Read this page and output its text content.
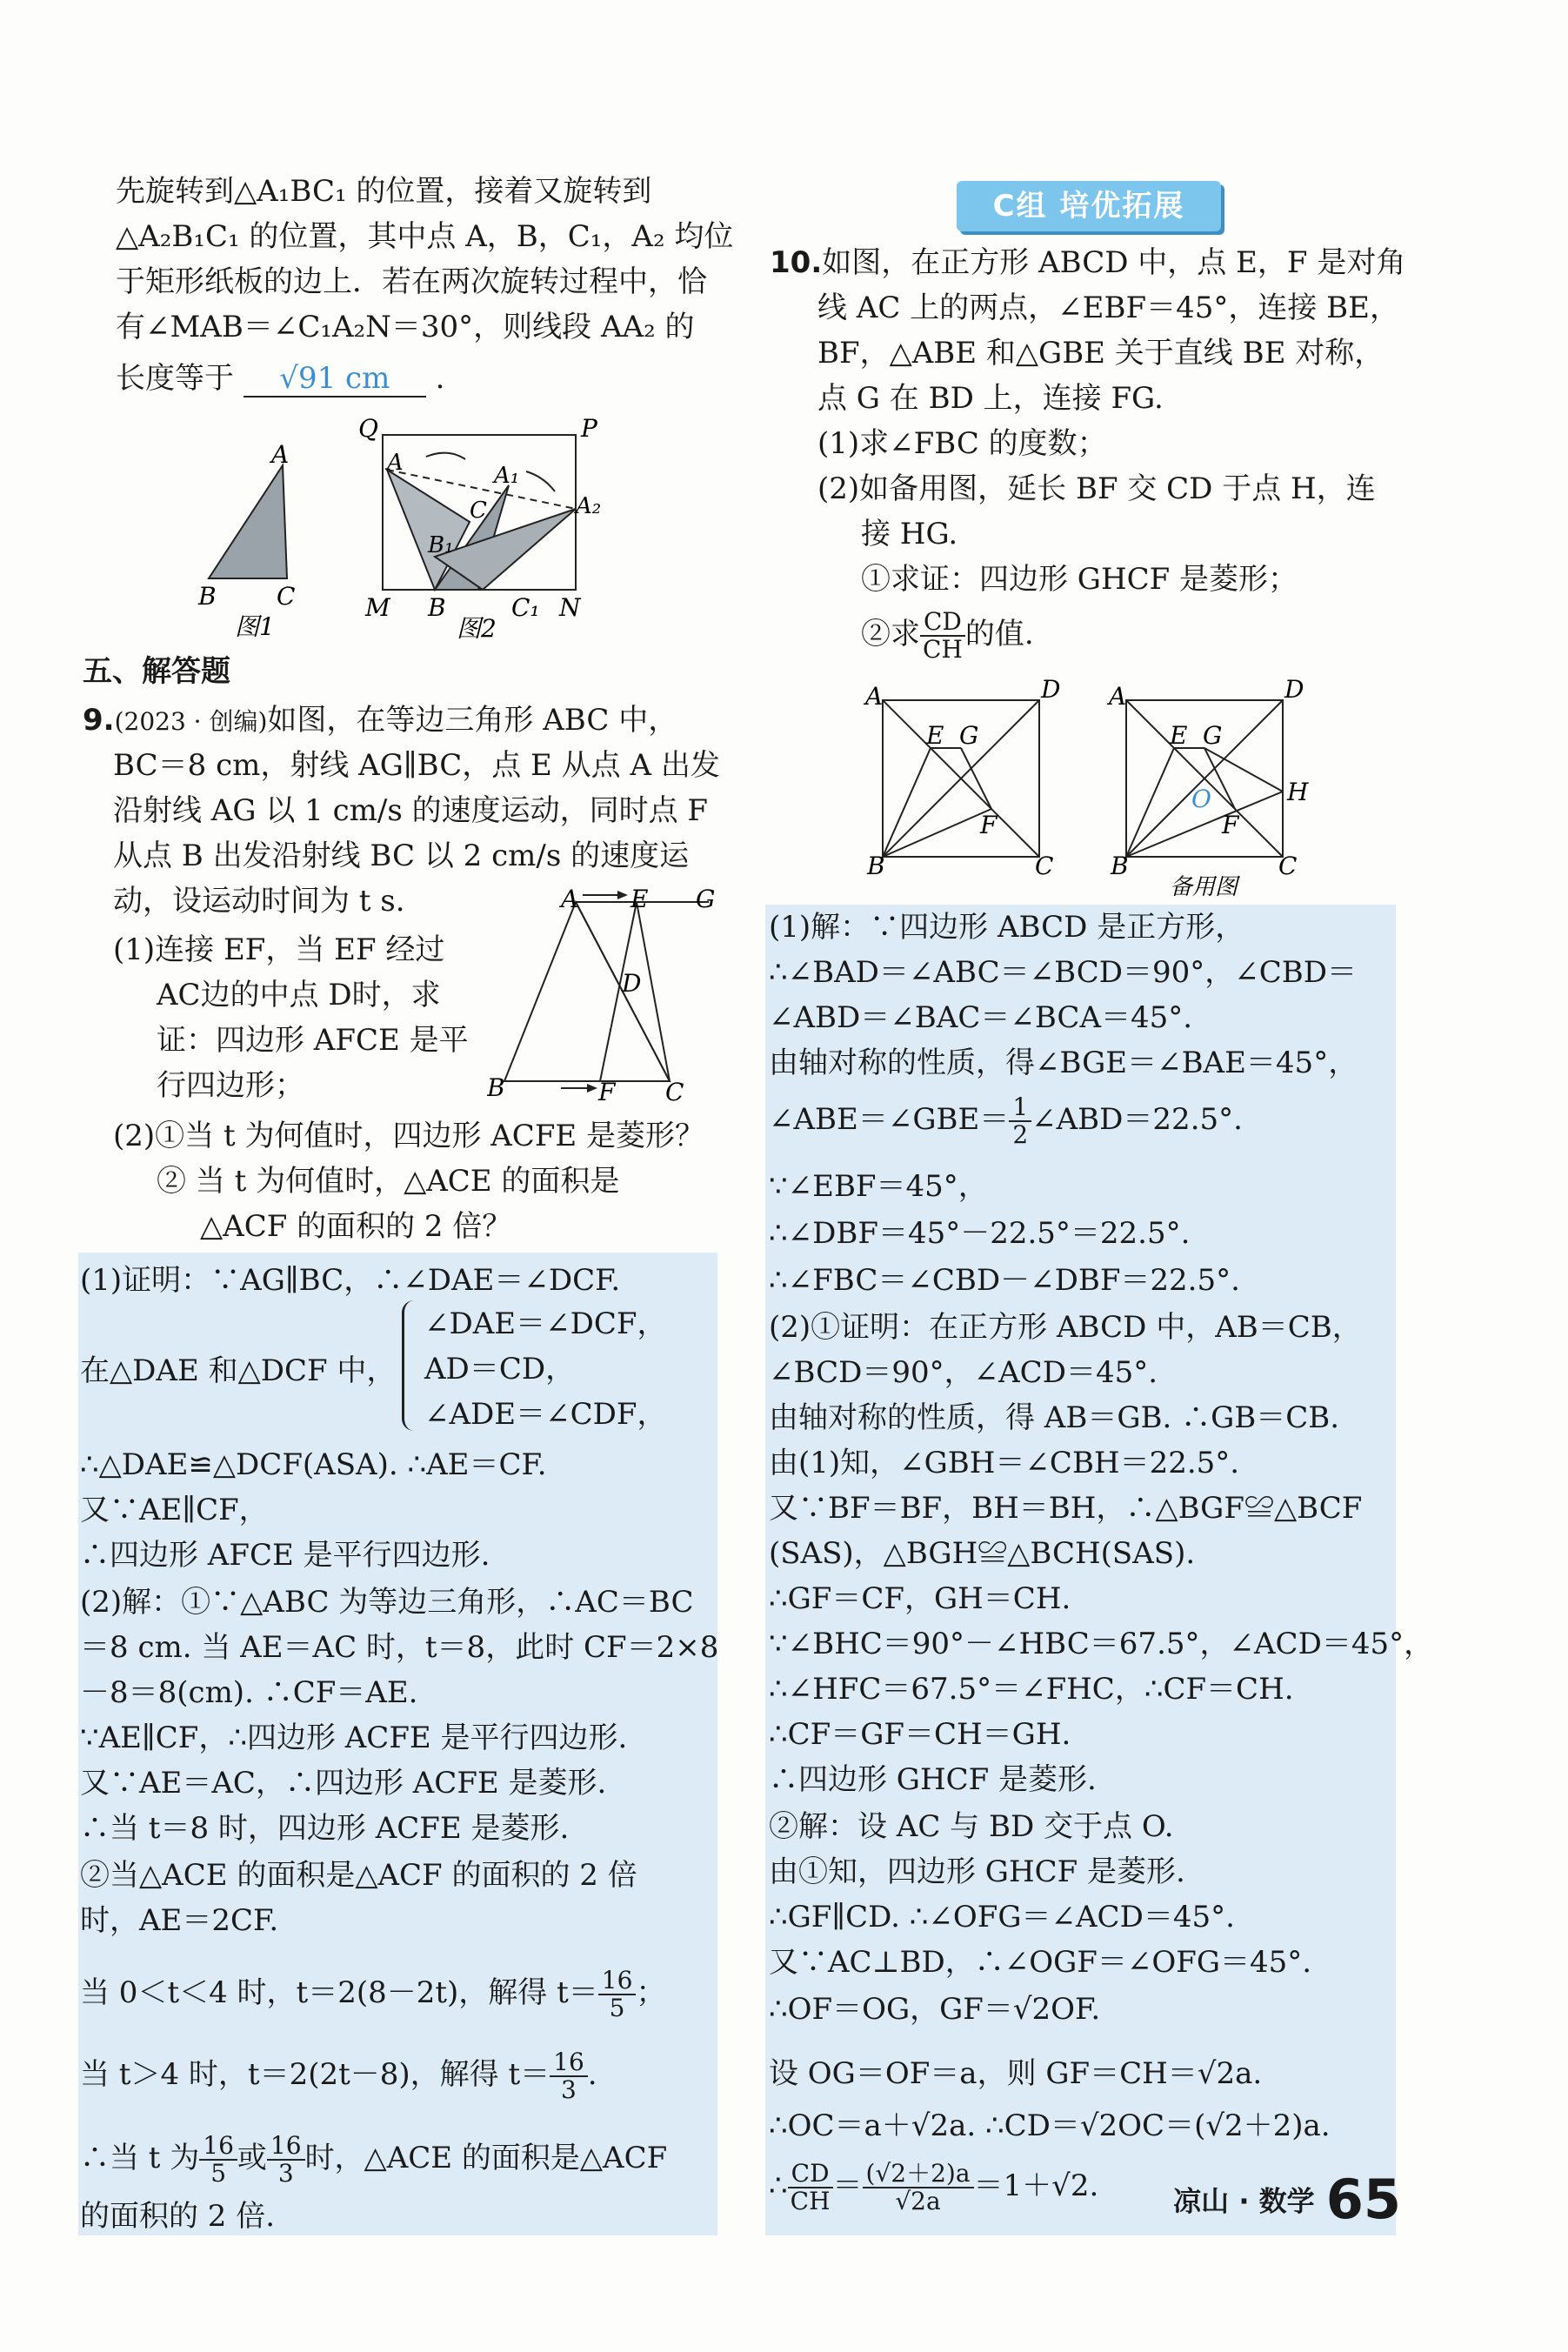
先旋转到△A₁BC₁ 的位置，接着又旋转到
△A₂B₁C₁ 的位置，其中点 A，B，C₁，A₂ 均位
于矩形纸板的边上．若在两次旋转过程中，恰
有∠MAB＝∠C₁A₂N＝30°，则线段 AA₂ 的
长度等于 √91 cm .
A
B C
图1
Q	P
A	A₁
A₂
C
B₁
M B	C₁ N
图2
五、解答题
9.(2023 · 创编)如图，在等边三角形 ABC 中，
BC＝8 cm，射线 AG∥BC，点 E 从点 A 出发
沿射线 AG 以 1 cm/s 的速度运动，同时点 F
从点 B 出发沿射线 BC 以 2 cm/s 的速度运
动，设运动时间为 t s.
(1)连接 EF，当 EF 经过
AC边的中点 D时，求
证：四边形 AFCE 是平
行四边形；
(2)①当 t 为何值时，四边形 ACFE 是菱形？
② 当 t 为何值时，△ACE 的面积是
△ACF 的面积的 2 倍？
A E G
D
B	F C
(1)证明：∵AG∥BC，∴∠DAE＝∠DCF.
在△DAE 和△DCF 中，
∠DAE＝∠DCF，
AD＝CD，
∠ADE＝∠CDF，
∴△DAE≌△DCF(ASA). ∴AE＝CF.
又∵AE∥CF，
∴四边形 AFCE 是平行四边形.
(2)解：①∵△ABC 为等边三角形，∴AC＝BC
＝8 cm. 当 AE＝AC 时，t＝8，此时 CF＝2×8
－8＝8(cm). ∴CF＝AE.
∵AE∥CF，∴四边形 ACFE 是平行四边形.
又∵AE＝AC，∴四边形 ACFE 是菱形.
∴当 t＝8 时，四边形 ACFE 是菱形.
②当△ACE 的面积是△ACF 的面积的 2 倍
时，AE＝2CF.
当 0＜t＜4 时，t＝2(8－2t)，解得 $t= \frac{16}{5}$ ；
当 t＞4 时，t＝2(2t－8)，解得 $t= \frac{16}{3}$ .
∴当 t 为 $\frac{16}{5}$ 或 $\frac{16}{3}$ 时，△ACE 的面积是△ACF
的面积的 2 倍.
C组 培优拓展
10.如图，在正方形 ABCD 中，点 E，F 是对角
线 AC 上的两点，∠EBF＝45°，连接 BE，
BF，△ABE 和△GBE 关于直线 BE 对称，
点 G 在 BD 上，连接 FG.
(1)求∠FBC 的度数；
(2)如备用图，延长 BF 交 CD 于点 H，连
接 HG.
①求证：四边形 GHCF 是菱形；
②求 $\frac{CD}{CH}$ 的值.
A	D
E G
F
B	C
A	D
E G
F
B	C
H
O
备用图
(1)解：∵四边形 ABCD 是正方形，
∴∠BAD＝∠ABC＝∠BCD＝90°，∠CBD＝
∠ABD＝∠BAC＝∠BCA＝45°.
由轴对称的性质，得∠BGE＝∠BAE＝45°，
∠ABE＝∠GBE＝ $\frac{1}{2}$ ∠ABD＝22.5°.
∵∠EBF＝45°，
∴∠DBF＝45°－22.5°＝22.5°.
∴∠FBC＝∠CBD－∠DBF＝22.5°.
(2)①证明：在正方形 ABCD 中，AB＝CB，
∠BCD＝90°，∠ACD＝45°.
由轴对称的性质，得 AB＝GB. ∴GB＝CB.
由(1)知，∠GBH＝∠CBH＝22.5°.
又∵BF＝BF，BH＝BH，∴△BGF≌△BCF
(SAS)，△BGH≌△BCH(SAS).
∴GF＝CF，GH＝CH.
∵∠BHC＝90°－∠HBC＝67.5°，∠ACD＝45°，
∴∠HFC＝67.5°＝∠FHC，∴CF＝CH.
∴CF＝GF＝CH＝GH.
∴四边形 GHCF 是菱形.
②解：设 AC 与 BD 交于点 O.
由①知，四边形 GHCF 是菱形.
∴GF∥CD. ∴∠OFG＝∠ACD＝45°.
又∵AC⊥BD，∴∠OGF＝∠OFG＝45°.
∴OF＝OG，GF＝√2OF.
设 OG＝OF＝a，则 GF＝CH＝√2a.
∴OC＝a＋√2a. ∴CD＝√2OC＝(√2＋2)a.
∴ $\frac{CD}{CH} = \frac{(√2+2)a}{√2a} =1+√2$.	凉山 · 数学 65
